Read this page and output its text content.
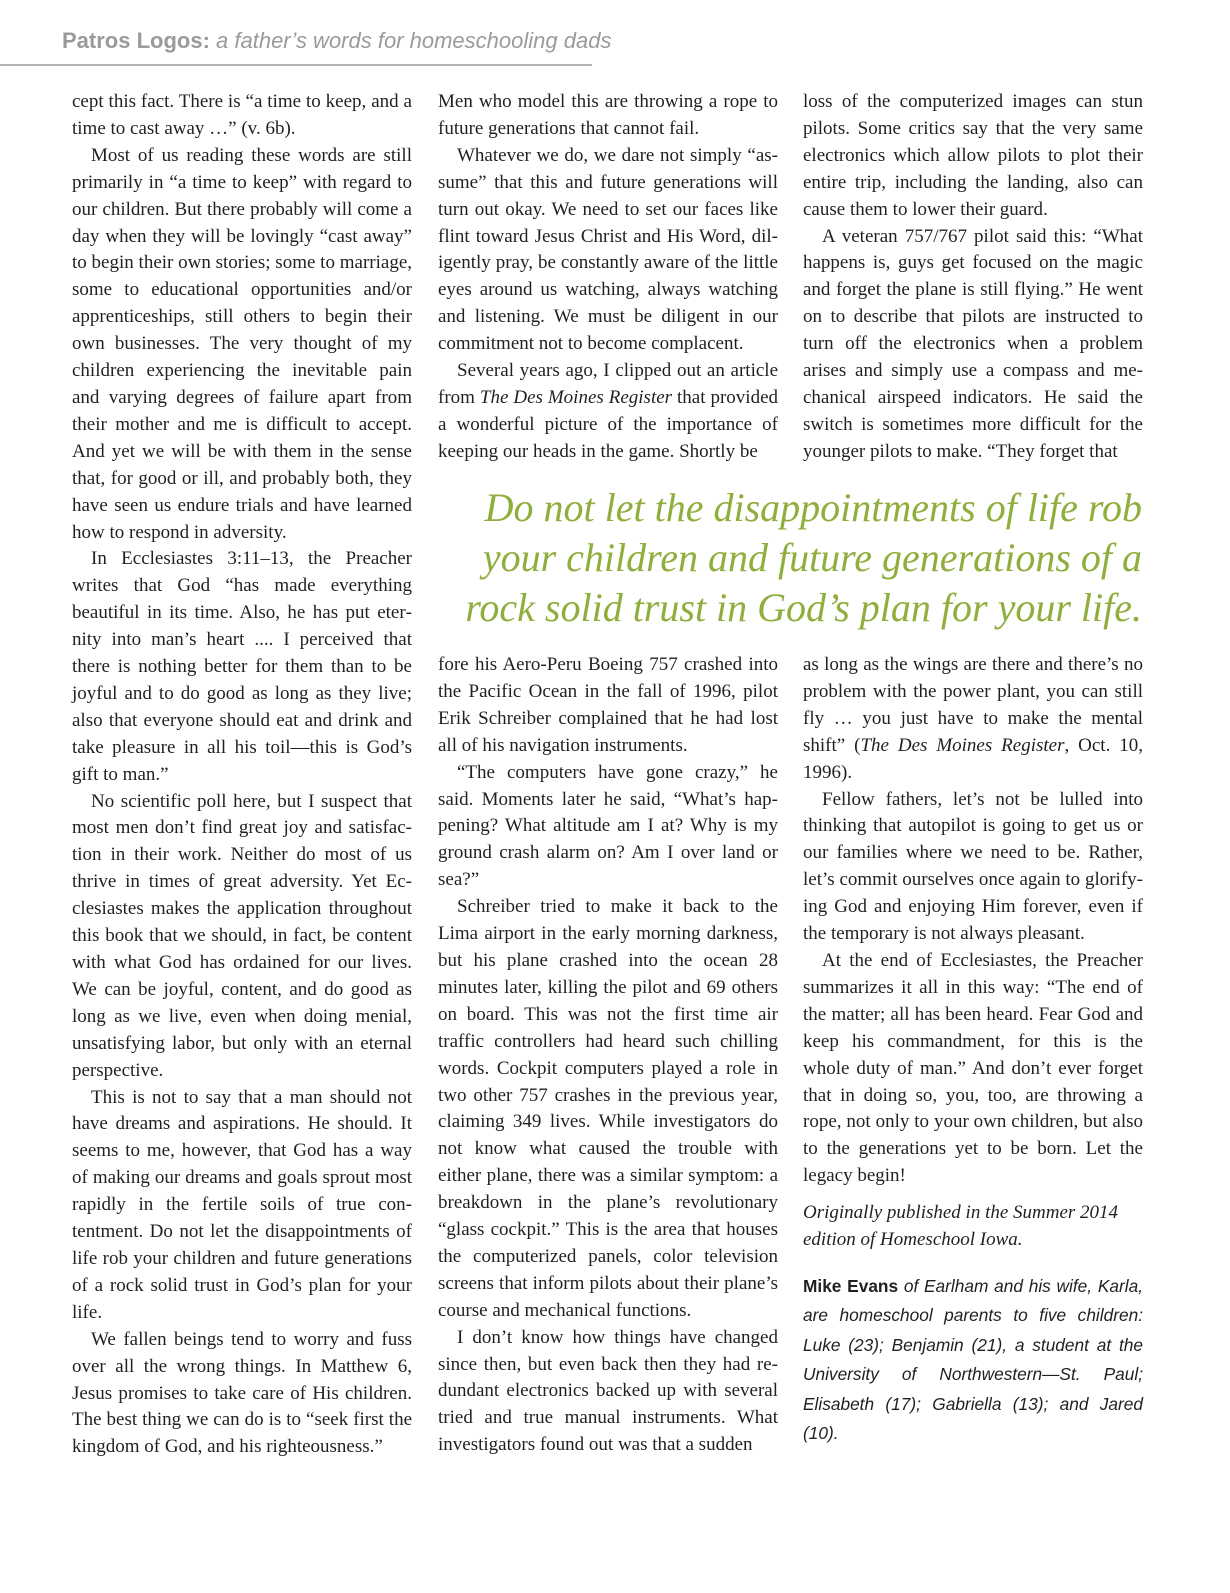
Patros Logos: a father’s words for homeschooling dads

cept this fact. There is “a time to keep, and a time to cast away …” (v. 6b).

Most of us reading these words are still primarily in “a time to keep” with regard to our children. But there probably will come a day when they will be lovingly “cast away” to begin their own stories; some to marriage, some to educational opportunities and/or apprenticeships, still others to begin their own businesses. The very thought of my children experiencing the inevitable pain and varying degrees of failure apart from their mother and me is difficult to accept. And yet we will be with them in the sense that, for good or ill, and probably both, they have seen us endure trials and have learned how to respond in adversity.

In Ecclesiastes 3:11–13, the Preacher writes that God “has made everything beautiful in its time. Also, he has put eternity into man’s heart .... I perceived that there is nothing better for them than to be joyful and to do good as long as they live; also that everyone should eat and drink and take pleasure in all his toil—this is God’s gift to man.”

No scientific poll here, but I suspect that most men don’t find great joy and satisfaction in their work. Neither do most of us thrive in times of great adversity. Yet Ecclesiastes makes the application throughout this book that we should, in fact, be content with what God has ordained for our lives. We can be joyful, content, and do good as long as we live, even when doing menial, unsatisfying labor, but only with an eternal perspective.

This is not to say that a man should not have dreams and aspirations. He should. It seems to me, however, that God has a way of making our dreams and goals sprout most rapidly in the fertile soils of true contentment. Do not let the disappointments of life rob your children and future generations of a rock solid trust in God’s plan for your life.

We fallen beings tend to worry and fuss over all the wrong things. In Matthew 6, Jesus promises to take care of His children. The best thing we can do is to “seek first the kingdom of God, and his righteousness.”

Men who model this are throwing a rope to future generations that cannot fail.

Whatever we do, we dare not simply “assume” that this and future generations will turn out okay. We need to set our faces like flint toward Jesus Christ and His Word, diligently pray, be constantly aware of the little eyes around us watching, always watching and listening. We must be diligent in our commitment not to become complacent.

Several years ago, I clipped out an article from The Des Moines Register that provided a wonderful picture of the importance of keeping our heads in the game. Shortly be

loss of the computerized images can stun pilots. Some critics say that the very same electronics which allow pilots to plot their entire trip, including the landing, also can cause them to lower their guard.

A veteran 757/767 pilot said this: “What happens is, guys get focused on the magic and forget the plane is still flying.” He went on to describe that pilots are instructed to turn off the electronics when a problem arises and simply use a compass and mechanical airspeed indicators. He said the switch is sometimes more difficult for the younger pilots to make. “They forget that

Do not let the disappointments of life rob your children and future generations of a rock solid trust in God’s plan for your life.

fore his Aero-Peru Boeing 757 crashed into the Pacific Ocean in the fall of 1996, pilot Erik Schreiber complained that he had lost all of his navigation instruments.

“The computers have gone crazy,” he said. Moments later he said, “What’s happening? What altitude am I at? Why is my ground crash alarm on? Am I over land or sea?”

Schreiber tried to make it back to the Lima airport in the early morning darkness, but his plane crashed into the ocean 28 minutes later, killing the pilot and 69 others on board. This was not the first time air traffic controllers had heard such chilling words. Cockpit computers played a role in two other 757 crashes in the previous year, claiming 349 lives. While investigators do not know what caused the trouble with either plane, there was a similar symptom: a breakdown in the plane’s revolutionary “glass cockpit.” This is the area that houses the computerized panels, color television screens that inform pilots about their plane’s course and mechanical functions.

I don’t know how things have changed since then, but even back then they had redundant electronics backed up with several tried and true manual instruments. What investigators found out was that a sudden

as long as the wings are there and there’s no problem with the power plant, you can still fly … you just have to make the mental shift” (The Des Moines Register, Oct. 10, 1996).

Fellow fathers, let’s not be lulled into thinking that autopilot is going to get us or our families where we need to be. Rather, let’s commit ourselves once again to glorifying God and enjoying Him forever, even if the temporary is not always pleasant.

At the end of Ecclesiastes, the Preacher summarizes it all in this way: “The end of the matter; all has been heard. Fear God and keep his commandment, for this is the whole duty of man.” And don’t ever forget that in doing so, you, too, are throwing a rope, not only to your own children, but also to the generations yet to be born. Let the legacy begin!

Originally published in the Summer 2014 edition of Homeschool Iowa.

Mike Evans of Earlham and his wife, Karla, are homeschool parents to five children: Luke (23); Benjamin (21), a student at the University of Northwestern—St. Paul; Elisabeth (17); Gabriella (13); and Jared (10).
